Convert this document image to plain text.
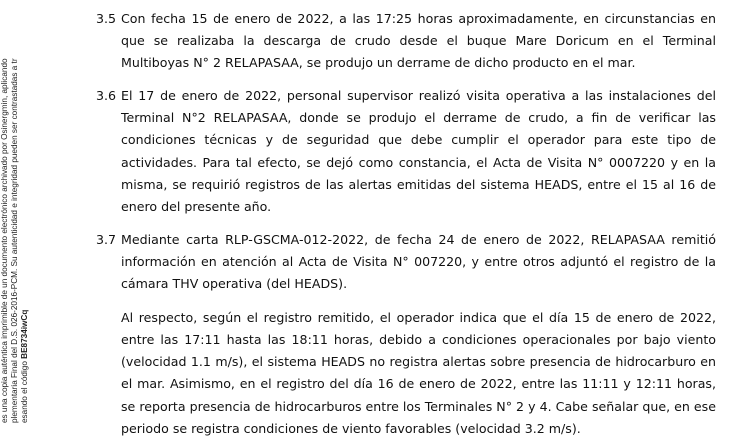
es una copia auténtica imprimible de un documento electrónico archivado por Osinergmin, aplicando plementaria Final del D.S. 026-2016-PCM. Su autenticidad e integridad pueden ser contrastadas a tr esando el código BE8734iwCq
3.5 Con fecha 15 de enero de 2022, a las 17:25 horas aproximadamente, en circunstancias en que se realizaba la descarga de crudo desde el buque Mare Doricum en el Terminal Multiboyas N° 2 RELAPASAA, se produjo un derrame de dicho producto en el mar.
3.6 El 17 de enero de 2022, personal supervisor realizó visita operativa a las instalaciones del Terminal N°2 RELAPASAA, donde se produjo el derrame de crudo, a fin de verificar las condiciones técnicas y de seguridad que debe cumplir el operador para este tipo de actividades. Para tal efecto, se dejó como constancia, el Acta de Visita N° 0007220 y en la misma, se requirió registros de las alertas emitidas del sistema HEADS, entre el 15 al 16 de enero del presente año.
3.7 Mediante carta RLP-GSCMA-012-2022, de fecha 24 de enero de 2022, RELAPASAA remitió información en atención al Acta de Visita N° 007220, y entre otros adjuntó el registro de la cámara THV operativa (del HEADS).
Al respecto, según el registro remitido, el operador indica que el día 15 de enero de 2022, entre las 17:11 hasta las 18:11 horas, debido a condiciones operacionales por bajo viento (velocidad 1.1 m/s), el sistema HEADS no registra alertas sobre presencia de hidrocarburo en el mar. Asimismo, en el registro del día 16 de enero de 2022, entre las 11:11 y 12:11 horas, se reporta presencia de hidrocarburos entre los Terminales N° 2 y 4. Cabe señalar que, en ese periodo se registra condiciones de viento favorables (velocidad 3.2 m/s).
